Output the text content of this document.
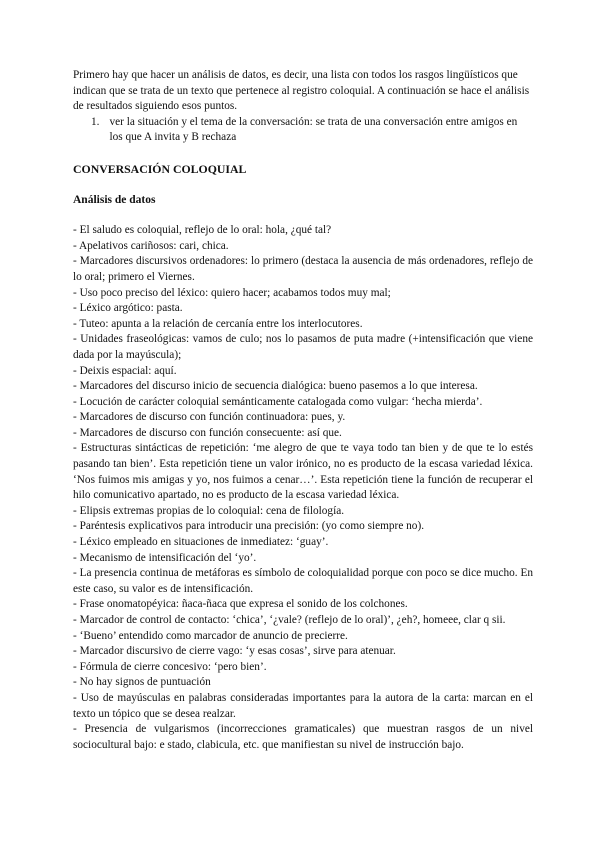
Primero hay que hacer un análisis de datos, es decir, una lista con todos los rasgos lingüísticos que indican que se trata de un texto que pertenece al registro coloquial. A continuación se hace el análisis de resultados siguiendo esos puntos.

1. ver la situación y el tema de la conversación: se trata de una conversación entre amigos en los que A invita y B rechaza
CONVERSACIÓN COLOQUIAL
Análisis de datos
- El saludo es coloquial, reflejo de lo oral: hola, ¿qué tal?
- Apelativos cariñosos: cari, chica.
- Marcadores discursivos ordenadores: lo primero (destaca la ausencia de más ordenadores, reflejo de lo oral; primero el Viernes.
- Uso poco preciso del léxico: quiero hacer; acabamos todos muy mal;
- Léxico argótico: pasta.
- Tuteo: apunta a la relación de cercanía entre los interlocutores.
- Unidades fraseológicas: vamos de culo; nos lo pasamos de puta madre (+intensificación que viene dada por la mayúscula);
- Deixis espacial: aquí.
- Marcadores del discurso inicio de secuencia dialógica: bueno pasemos a lo que interesa.
- Locución de carácter coloquial semánticamente catalogada como vulgar: ‘hecha mierda’.
- Marcadores de discurso con función continuadora: pues, y.
- Marcadores de discurso con función consecuente: así que.
- Estructuras sintácticas de repetición: ‘me alegro de que te vaya todo tan bien y de que te lo estés pasando tan bien’. Esta repetición tiene un valor irónico, no es producto de la escasa variedad léxica. ‘Nos fuimos mis amigas y yo, nos fuimos a cenar…’. Esta repetición tiene la función de recuperar el hilo comunicativo apartado, no es producto de la escasa variedad léxica.
- Elipsis extremas propias de lo coloquial: cena de filología.
- Paréntesis explicativos para introducir una precisión: (yo como siempre no).
- Léxico empleado en situaciones de inmediatez: ‘guay’.
- Mecanismo de intensificación del ‘yo’.
- La presencia continua de metáforas es símbolo de coloquialidad porque con poco se dice mucho. En este caso, su valor es de intensificación.
- Frase onomatopéyica: ñaca-ñaca que expresa el sonido de los colchones.
- Marcador de control de contacto: ‘chica’, ‘¿vale? (reflejo de lo oral)’, ¿eh?, homeee, clar q sii.
- ‘Bueno’ entendido como marcador de anuncio de precierre.
- Marcador discursivo de cierre vago: ‘y esas cosas’, sirve para atenuar.
- Fórmula de cierre concesivo: ‘pero bien’.
- No hay signos de puntuación
- Uso de mayúsculas en palabras consideradas importantes para la autora de la carta: marcan en el texto un tópico que se desea realzar.
- Presencia de vulgarismos (incorrecciones gramaticales) que muestran rasgos de un nivel sociocultural bajo: e stado, clabicula, etc. que manifiestan su nivel de instrucción bajo.
